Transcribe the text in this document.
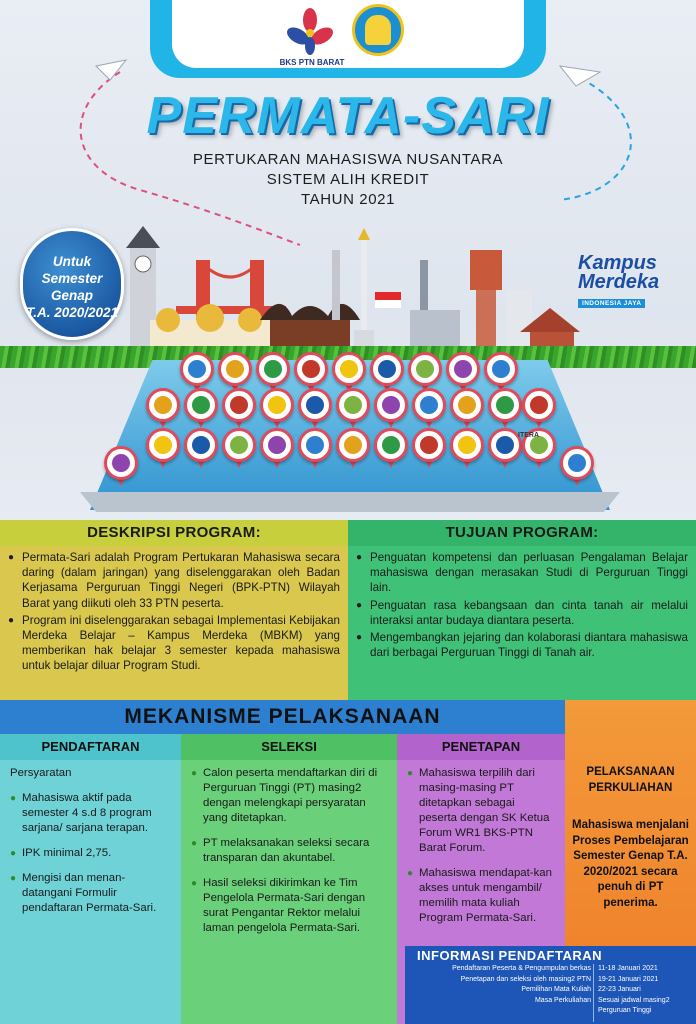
BKS PTN BARAT
PERMATA-SARI
PERTUKARAN MAHASISWA NUSANTARA
SISTEM ALIH KREDIT
TAHUN 2021
Untuk
Semester Genap
T.A. 2020/2021
Kampus
Merdeka
INDONESIA JAYA
ITERA
DESKRIPSI PROGRAM:
● Permata-Sari adalah Program Pertukaran Mahasiswa secara daring (dalam jaringan) yang diselenggarakan oleh Badan Kerjasama Perguruan Tinggi Negeri (BPK-PTN) Wilayah Barat yang diikuti oleh 33 PTN peserta.
● Program ini diselenggarakan sebagai Implementasi Kebijakan Merdeka Belajar – Kampus Merdeka (MBKM) yang memberikan hak belajar 3 semester kepada mahasiswa untuk belajar diluar Program Studi.
TUJUAN PROGRAM:
● Penguatan kompetensi dan perluasan Pengalaman Belajar mahasiswa dengan merasakan Studi di Perguruan Tinggi lain.
● Penguatan rasa kebangsaan dan cinta tanah air melalui interaksi antar budaya diantara peserta.
● Mengembangkan jejaring dan kolaborasi diantara mahasiswa dari berbagai Perguruan Tinggi di Tanah air.
MEKANISME PELAKSANAAN
PENDAFTARAN

Persyaratan

● Mahasiswa aktif pada semester 4 s.d 8 program sarjana/ sarjana terapan.
● IPK minimal 2,75.
● Mengisi dan menan-datangani Formulir pendaftaran Permata-Sari.
SELEKSI
● Calon peserta mendaftarkan diri di Perguruan Tinggi (PT) masing2 dengan melengkapi persyaratan yang ditetapkan.
● PT melaksanakan seleksi secara transparan dan akuntabel.
● Hasil seleksi dikirimkan ke Tim Pengelola Permata-Sari dengan surat Pengantar Rektor melalui laman pengelola Permata-Sari.
PENETAPAN
● Mahasiswa terpilih dari masing-masing PT ditetapkan sebagai peserta dengan SK Ketua Forum WR1 BKS-PTN Barat Forum.
● Mahasiswa mendapat-kan akses untuk mengambil/ memilih mata kuliah Program Permata-Sari.
PELAKSANAAN
PERKULIAHAN
Mahasiswa menjalani Proses Pembelajaran Semester Genap T.A. 2020/2021 secara penuh di PT penerima.
INFORMASI PENDAFTARAN
Pendaftaran Peserta & Pengumpulan berkas
Penetapan dan seleksi oleh masing2 PTN
Pemilihan Mata Kuliah
Masa Perkuliahan
11-18 Januari 2021
19-21 Januari 2021
22-23 Januari
Sesuai jadwal masing2
Perguruan Tinggi
